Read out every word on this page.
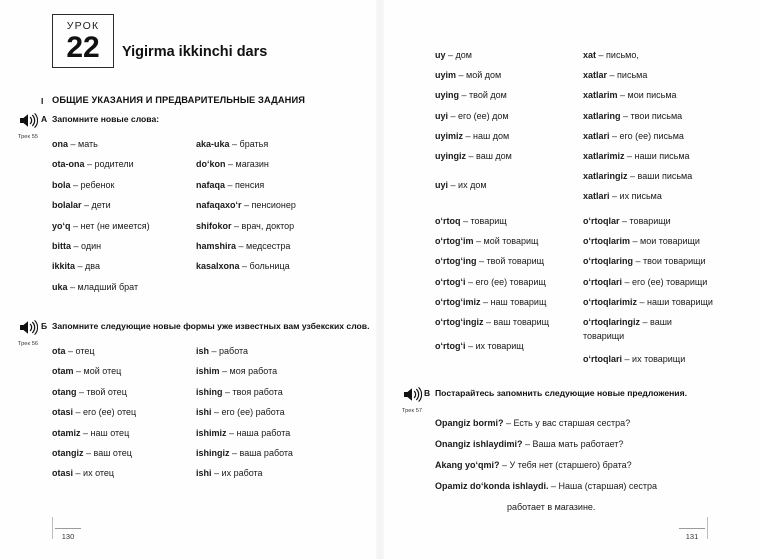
УРОК
22	Yigirma ikkinchi dars
I ОБЩИЕ УКАЗАНИЯ И ПРЕДВАРИТЕЛЬНЫЕ ЗАДАНИЯ
Трек 55
A Запомните новые слова:
ona – мать
ota-ona – родители
bola – ребенок
bolalar – дети
yo‘q – нет (не имеется)
bitta – один
ikkita – два
uka – младший брат
aka-uka – братья
do‘kon – магазин
nafaqa – пенсия
nafaqaxo‘r – пенсионер
shifokor – врач, доктор
hamshira – медсестра
kasalxona – больница
Трек 56
Б Запомните следующие новые формы уже известных вам узбекских слов.
ota – отец
otam – мой отец
otang – твой отец
otasi – его (ее) отец
otamiz – наш отец
otangiz – ваш отец
otasi – их отец
ish – работа
ishim – моя работа
ishing – твоя работа
ishi – его (ее) работа
ishimiz – наша работа
ishingiz – ваша работа
ishi – их работа
130
uy – дом
uyim – мой дом
uying – твой дом
uyi – его (ее) дом
uyimiz – наш дом
uyingiz – ваш дом
uyi – их дом
xat – письмо,
xatlar – письма
xatlarim – мои письма
xatlaring – твои письма
xatlari – его (ее) письма
xatlarimiz – наши письма
xatlaringiz – ваши письма
xatlari – их письма
o‘rtoq – товарищ
o‘rtog‘im – мой товарищ
o‘rtog‘ing – твой товарищ
o‘rtog‘i – его (ее) товарищ
o‘rtog‘imiz – наш товарищ
o‘rtog‘ingiz – ваш товарищ
o‘rtog‘i – их товарищ
o‘rtoqlar – товарищи
o‘rtoqlarim – мои товарищи
o‘rtoqlaring – твои товарищи
o‘rtoqlari – его (ее) товарищи
o‘rtoqlarimiz – наши товарищи
o‘rtoqlaringiz – ваши товарищи
o‘rtoqlari – их товарищи
Трек 57
В Постарайтесь запомнить следующие новые предложения.
Opangiz bormi? – Есть у вас старшая сестра?
Onangiz ishlaydimi? – Ваша мать работает?
Akang yo‘qmi? – У тебя нет (старшего) брата?
Opamiz do‘konda ishlaydi. – Наша (старшая) сестра
работает в магазине.
131
